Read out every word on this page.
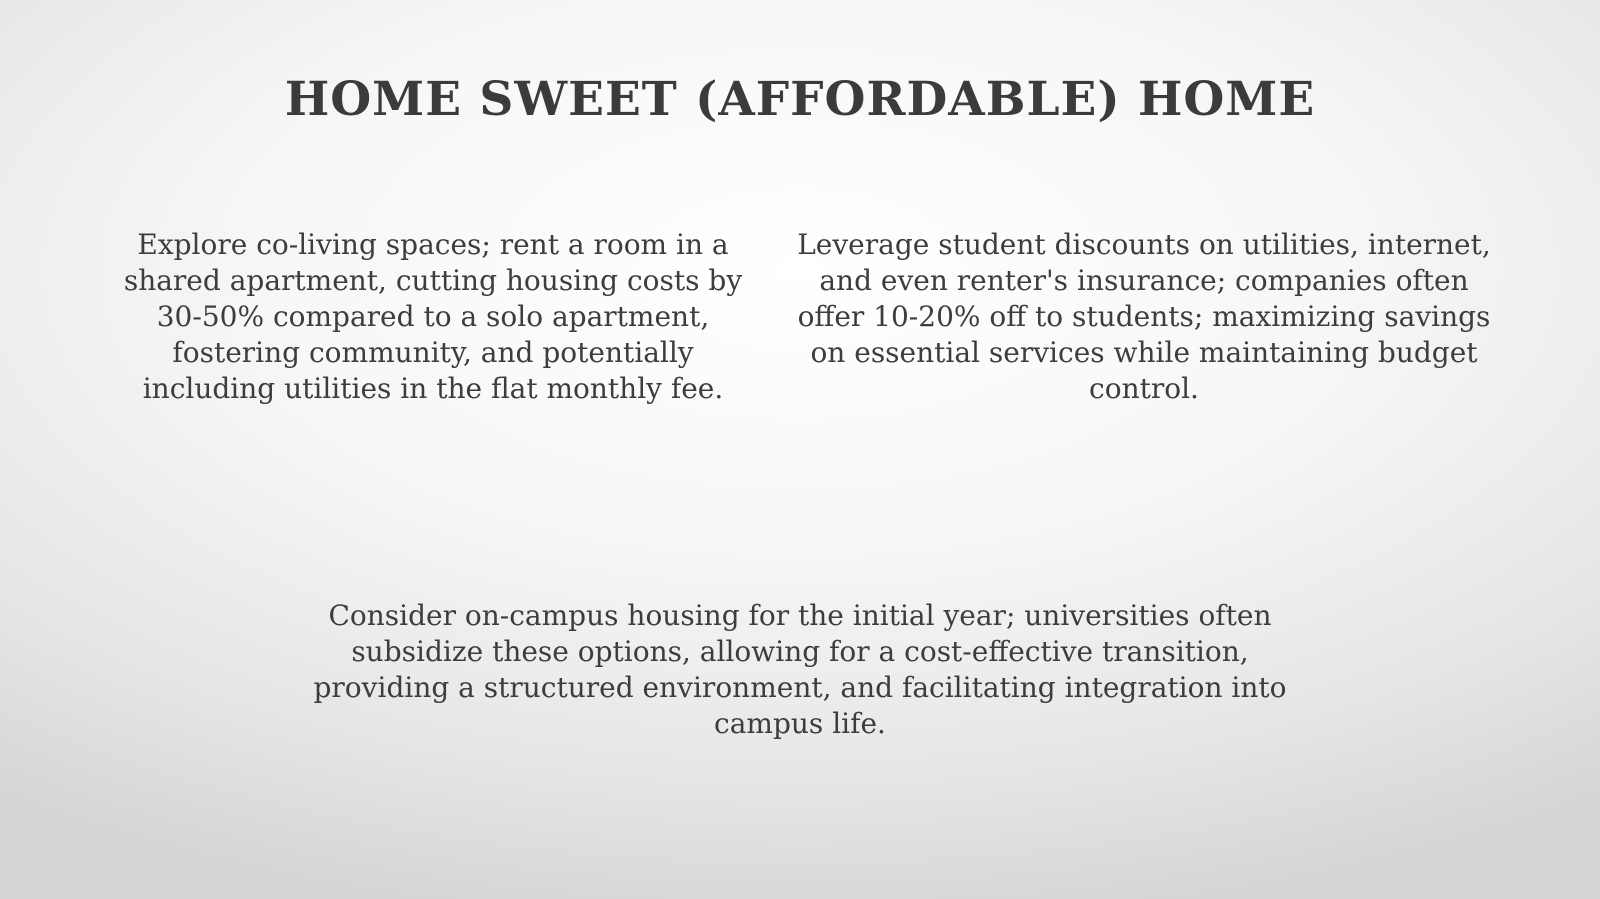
HOME SWEET (AFFORDABLE) HOME

Explore co-living spaces; rent a room in a shared apartment, cutting housing costs by 30-50% compared to a solo apartment, fostering community, and potentially including utilities in the flat monthly fee.

Leverage student discounts on utilities, internet, and even renter's insurance; companies often offer 10-20% off to students; maximizing savings on essential services while maintaining budget control.

Consider on-campus housing for the initial year; universities often subsidize these options, allowing for a cost-effective transition, providing a structured environment, and facilitating integration into campus life.
